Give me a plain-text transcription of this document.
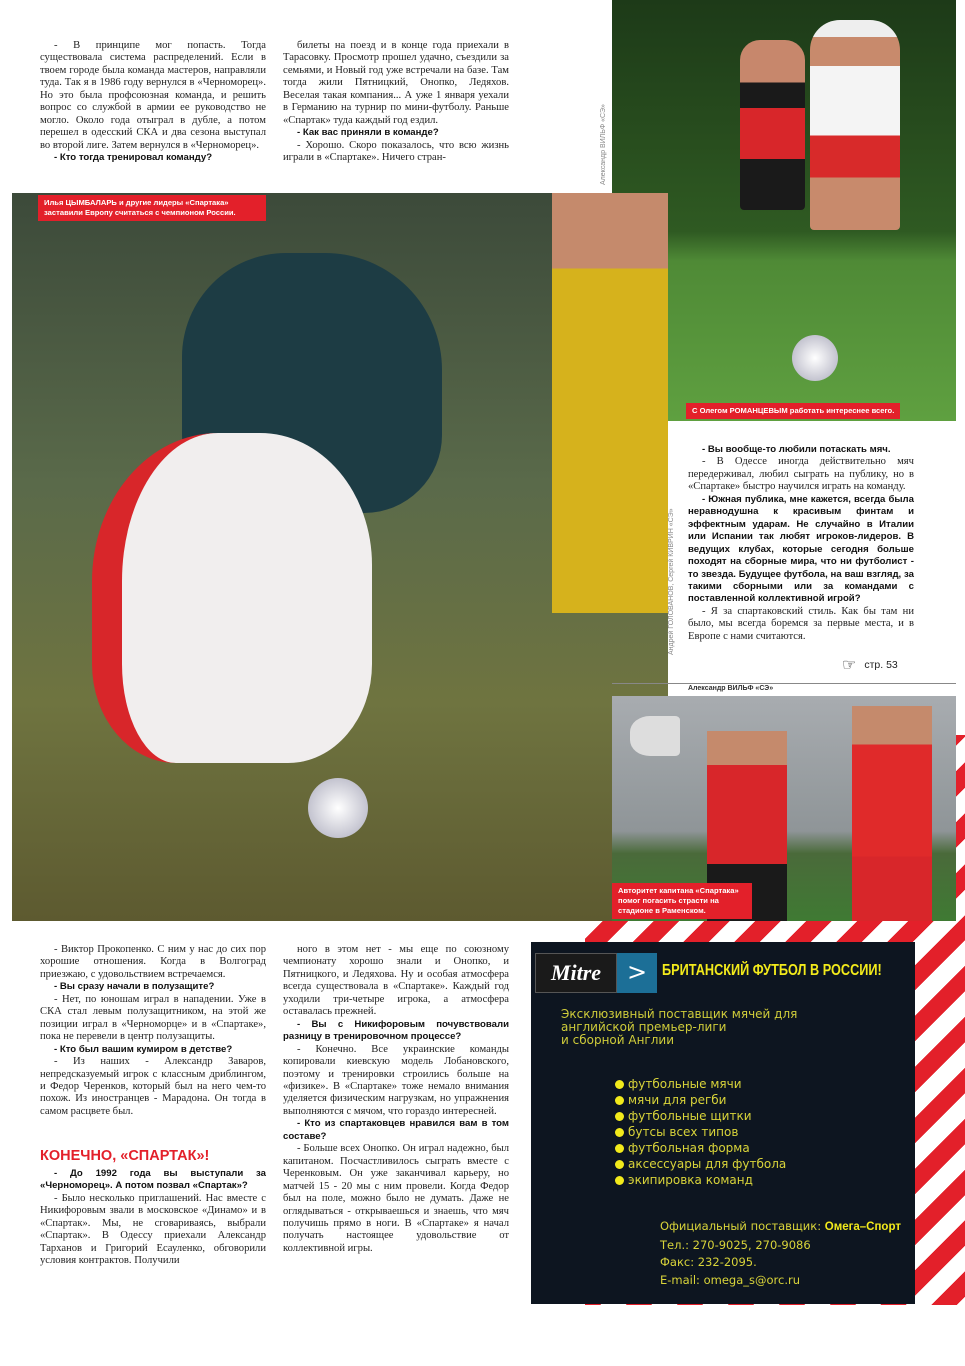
- В принципе мог попасть. Тогда существовала система распределений. Если в твоем городе была команда мастеров, направляли туда. Так я в 1986 году вернулся в «Черноморец». Но это была профсоюзная команда, и решить вопрос со службой в армии ее руководство не могло. Около года отыграл в дубле, а потом перешел в одесский СКА и два сезона выступал во второй лиге. Затем вернулся в «Черноморец».

- Кто тогда тренировал команду?

билеты на поезд и в конце года приехали в Тарасовку. Просмотр прошел удачно, съездили за семьями, и Новый год уже встречали на базе. Там тогда жили Пятницкий, Онопко, Ледяхов. Веселая такая компания... А уже 1 января уехали в Германию на турнир по мини-футболу. Раньше «Спартак» туда каждый год ездил.

- Как вас приняли в команде?

- Хорошо. Скоро показалось, что всю жизнь играли в «Спартаке». Ничего стран-

С Олегом РОМАНЦЕВЫМ работать интереснее всего.
Александр ВИЛЬФ «СЭ»
Илья ЦЫМБАЛАРЬ и другие лидеры «Спартака» заставили Европу считаться с чемпионом России.

- Вы вообще-то любили потаскать мяч.

- В Одессе иногда действительно мяч передерживал, любил сыграть на публику, но в «Спартаке» быстро научился играть на команду.

- Южная публика, мне кажется, всегда была неравнодушна к красивым финтам и эффектным ударам. Не случайно в Италии или Испании так любят игроков-лидеров. В ведущих клубах, которые сегодня больше походят на сборные мира, что ни футболист - то звезда. Будущее футбола, на ваш взгляд, за такими сборными или за командами с поставленной коллективной игрой?

- Я за спартаковский стиль. Как бы там ни было, мы всегда боремся за первые места, и в Европе с нами считаются.

Андрей ГОЛОВАНОВ, Сергей КИВРИН «СЭ»
☞ стр. 53
Александр ВИЛЬФ «СЭ»
Авторитет капитана «Спартака» помог погасить страсти на стадионе в Раменском.

- Виктор Прокопенко. С ним у нас до сих пор хорошие отношения. Когда в Волгоград приезжаю, с удовольствием встречаемся.

- Вы сразу начали в полузащите?

- Нет, по юношам играл в нападении. Уже в СКА стал левым полузащитником, на этой же позиции играл в «Черноморце» и в «Спартаке», пока не перевели в центр полузащиты.

- Кто был вашим кумиром в детстве?

- Из наших - Александр Заваров, непредсказуемый игрок с классным дриблингом, и Федор Черенков, который был на него чем-то похож. Из иностранцев - Марадона. Он тогда в самом расцвете был.

КОНЕЧНО, «СПАРТАК»!

- До 1992 года вы выступали за «Черноморец». А потом позвал «Спартак»?

- Было несколько приглашений. Нас вместе с Никифоровым звали в московское «Динамо» и в «Спартак». Мы, не сговариваясь, выбрали «Спартак». В Одессу приехали Александр Тарханов и Григорий Есауленко, обговорили условия контрактов. Получили

ного в этом нет - мы еще по союзному чемпионату хорошо знали и Онопко, и Пятницкого, и Ледяхова. Ну и особая атмосфера всегда существовала в «Спартаке». Каждый год уходили три-четыре игрока, а атмосфера оставалась прежней.

- Вы с Никифоровым почувствовали разницу в тренировочном процессе?

- Конечно. Все украинские команды копировали киевскую модель Лобановского, поэтому и тренировки строились больше на «физике». В «Спартаке» тоже немало внимания уделяется физическим нагрузкам, но упражнения выполняются с мячом, что гораздо интересней.

- Кто из спартаковцев нравился вам в том составе?

- Больше всех Онопко. Он играл надежно, был капитаном. Посчастливилось сыграть вместе с Черенковым. Он уже заканчивал карьеру, но матчей 15 - 20 мы с ним провели. Когда Федор был на поле, можно было не думать. Даже не оглядываться - открываешься и знаешь, что мяч получишь прямо в ноги. В «Спартаке» я начал получать настоящее удовольствие от коллективной игры.

Mitre	> БРИТАНСКИЙ ФУТБОЛ В РОССИИ!
Эксклюзивный поставщик мячей для
английской премьер-лиги
и сборной Англии
футбольные мячи
мячи для регби
футбольные щитки
бутсы всех типов
футбольная форма
аксессуары для футбола
экипировка команд
Официальный поставщик: Омега–Спорт
Тел.: 270-9025, 270-9086
Факс: 232-2095.
E-mail: omega_s@orc.ru
